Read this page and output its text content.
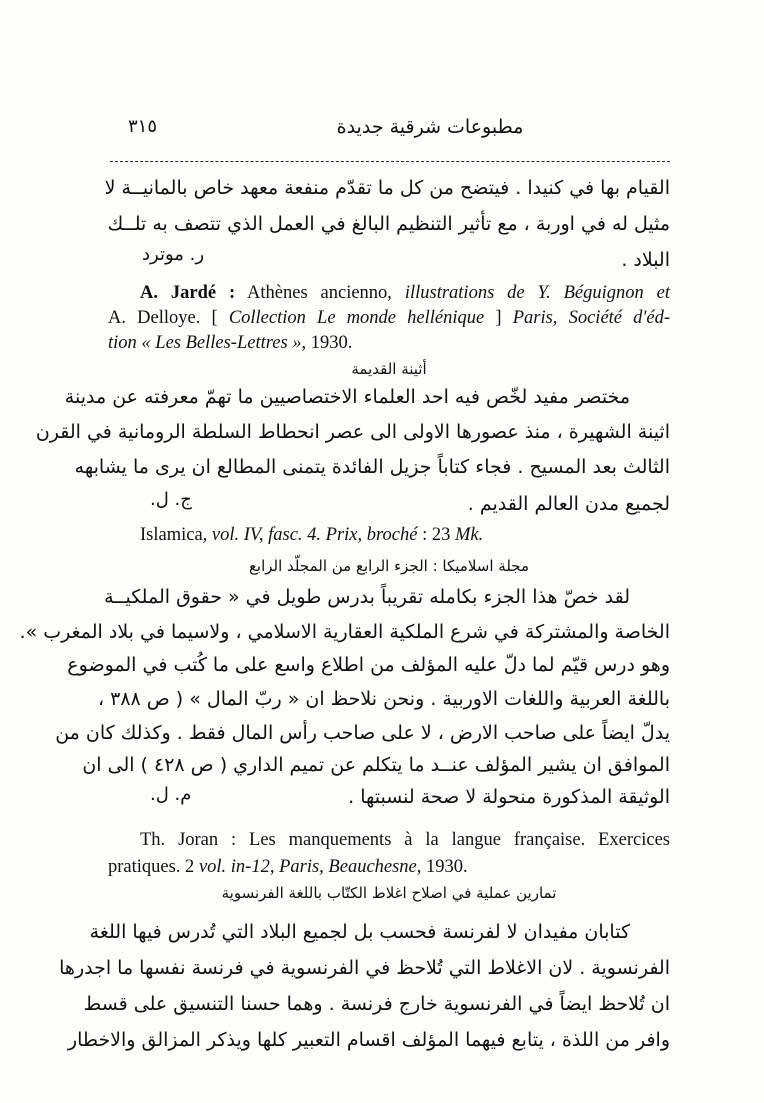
٣١٥	مطبوعات شرقية جديدة
القيام بها في كنيدا . فيتضح من كل ما تقدّم منفعة معهد خاص بالمانيــة لا
مثيل له في اوربة ، مع تأثير التنظيم البالغ في العمل الذي تتصف به تلــك
البلاد .
ر. موترد
A. Jardé : Athènes ancienno, illustrations de Y. Béguignon et
A. Delloye. [ Collection Le monde hellénique ] Paris, Société d'éd-
tion « Les Belles-Lettres », 1930.
أثينة القديمة
مختصر مفيد لخّص فيه احد العلماء الاختصاصيين ما تهمّ معرفته عن مدينة
اثينة الشهيرة ، منذ عصورها الاولى الى عصر انحطاط السلطة الرومانية في القرن
الثالث بعد المسيح . فجاء كتاباً جزيل الفائدة يتمنى المطالع ان يرى ما يشابهه
لجميع مدن العالم القديم .
ج. ل.
Islamica, vol. IV, fasc. 4. Prix, broché : 23 Mk.
مجلة اسلاميكا : الجزء الرابع من المجلّد الرابع
لقد خصّ هذا الجزء بكامله تقريباً بدرس طويل في « حقوق الملكيــة
الخاصة والمشتركة في شرع الملكية العقارية الاسلامي ، ولاسيما في بلاد المغرب ».
وهو درس قيّم لما دلّ عليه المؤلف من اطلاع واسع على ما كُتب في الموضوع
باللغة العربية واللغات الاوربية . ونحن نلاحظ ان « ربّ المال » ( ص ٣٨٨ ،
يدلّ ايضاً على صاحب الارض ، لا على صاحب رأس المال فقط . وكذلك كان من
الموافق ان يشير المؤلف عنــد ما يتكلم عن تميم الداري ( ص ٤٢٨ ) الى ان
الوثيقة المذكورة منحولة لا صحة لنسبتها .
م. ل.
Th. Joran : Les manquements à la langue française. Exercices
pratiques. 2 vol. in-12, Paris, Beauchesne, 1930.
تمارين عملية في اصلاح اغلاط الكتّاب باللغة الفرنسوية
كتابان مفيدان لا لفرنسة فحسب بل لجميع البلاد التي تُدرس فيها اللغة
الفرنسوية . لان الاغلاط التي تُلاحظ في الفرنسوية في فرنسة نفسها ما اجدرها
ان تُلاحظ ايضاً في الفرنسوية خارج فرنسة . وهما حسنا التنسيق على قسط
وافر من اللذة ، يتابع فيهما المؤلف اقسام التعبير كلها ويذكر المزالق والاخطار
